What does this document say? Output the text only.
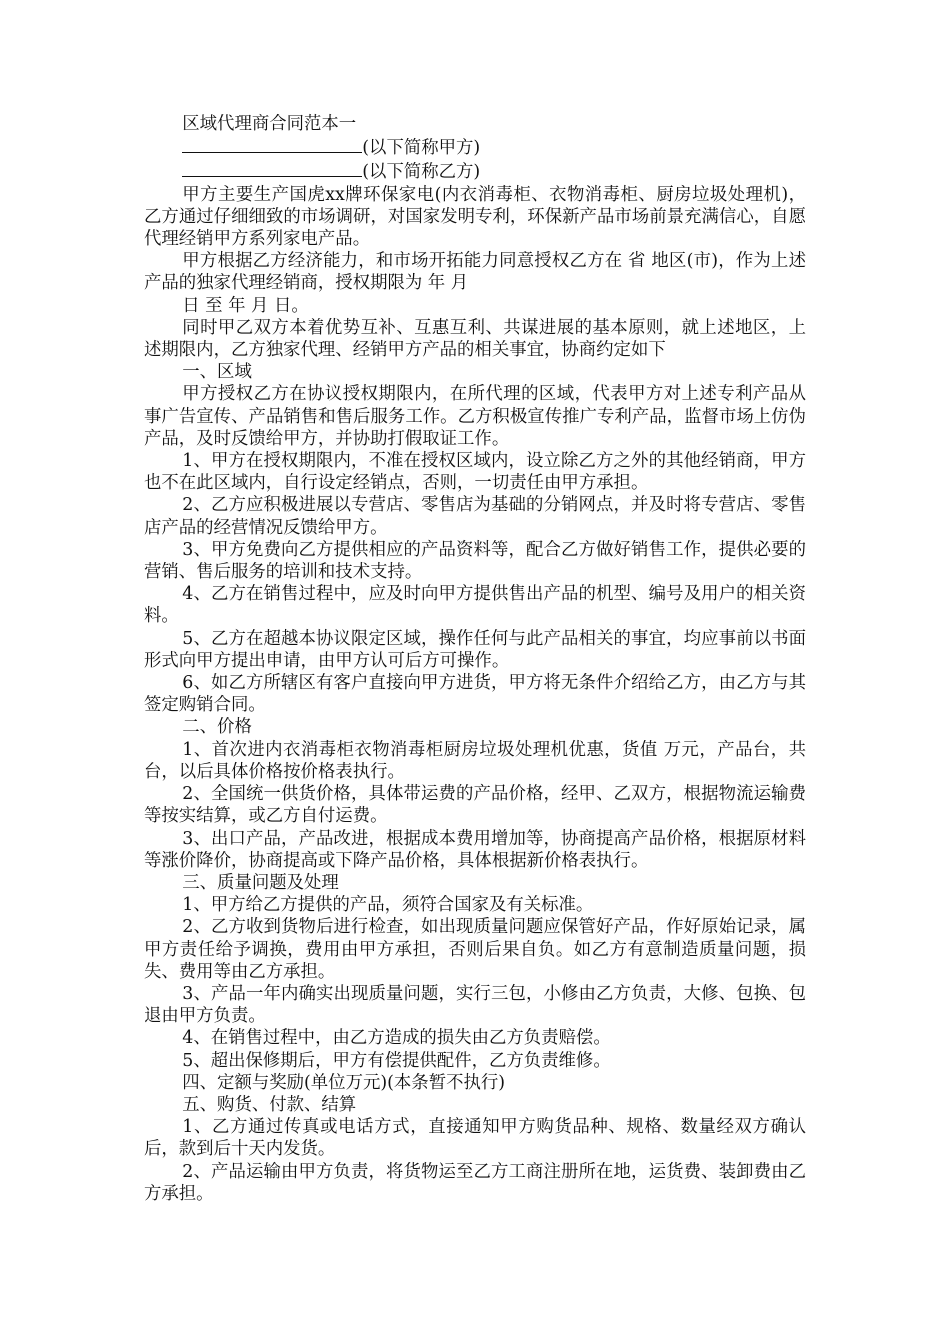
区域代理商合同范本一

(以下简称甲方)

(以下简称乙方)

甲方主要生产国虎xx牌环保家电(内衣消毒柜、衣物消毒柜、厨房垃圾处理机)，乙方通过仔细细致的市场调研，对国家发明专利，环保新产品市场前景充满信心，自愿代理经销甲方系列家电产品。

甲方根据乙方经济能力，和市场开拓能力同意授权乙方在 省 地区(市)，作为上述产品的独家代理经销商，授权期限为 年 月

日 至 年 月 日。

同时甲乙双方本着优势互补、互惠互利、共谋进展的基本原则，就上述地区，上述期限内，乙方独家代理、经销甲方产品的相关事宜，协商约定如下

一、区域

甲方授权乙方在协议授权期限内，在所代理的区域，代表甲方对上述专利产品从事广告宣传、产品销售和售后服务工作。乙方积极宣传推广专利产品，监督市场上仿伪产品，及时反馈给甲方，并协助打假取证工作。

1、甲方在授权期限内，不准在授权区域内，设立除乙方之外的其他经销商，甲方也不在此区域内，自行设定经销点，否则，一切责任由甲方承担。

2、乙方应积极进展以专营店、零售店为基础的分销网点，并及时将专营店、零售店产品的经营情况反馈给甲方。

3、甲方免费向乙方提供相应的产品资料等，配合乙方做好销售工作，提供必要的营销、售后服务的培训和技术支持。

4、乙方在销售过程中，应及时向甲方提供售出产品的机型、编号及用户的相关资料。

5、乙方在超越本协议限定区域，操作任何与此产品相关的事宜，均应事前以书面形式向甲方提出申请，由甲方认可后方可操作。

6、如乙方所辖区有客户直接向甲方进货，甲方将无条件介绍给乙方，由乙方与其签定购销合同。

二、价格

1、首次进内衣消毒柜衣物消毒柜厨房垃圾处理机优惠，货值 万元，产品台，共 台，以后具体价格按价格表执行。

2、全国统一供货价格，具体带运费的产品价格，经甲、乙双方，根据物流运输费等按实结算，或乙方自付运费。

3、出口产品，产品改进，根据成本费用增加等，协商提高产品价格，根据原材料等涨价降价，协商提高或下降产品价格，具体根据新价格表执行。

三、质量问题及处理

1、甲方给乙方提供的产品，须符合国家及有关标准。

2、乙方收到货物后进行检查，如出现质量问题应保管好产品，作好原始记录，属甲方责任给予调换，费用由甲方承担，否则后果自负。如乙方有意制造质量问题，损失、费用等由乙方承担。

3、产品一年内确实出现质量问题，实行三包，小修由乙方负责，大修、包换、包退由甲方负责。

4、在销售过程中，由乙方造成的损失由乙方负责赔偿。

5、超出保修期后，甲方有偿提供配件，乙方负责维修。

四、定额与奖励(单位万元)(本条暂不执行)

五、购货、付款、结算

1、乙方通过传真或电话方式，直接通知甲方购货品种、规格、数量经双方确认后，款到后十天内发货。

2、产品运输由甲方负责，将货物运至乙方工商注册所在地，运货费、装卸费由乙方承担。
